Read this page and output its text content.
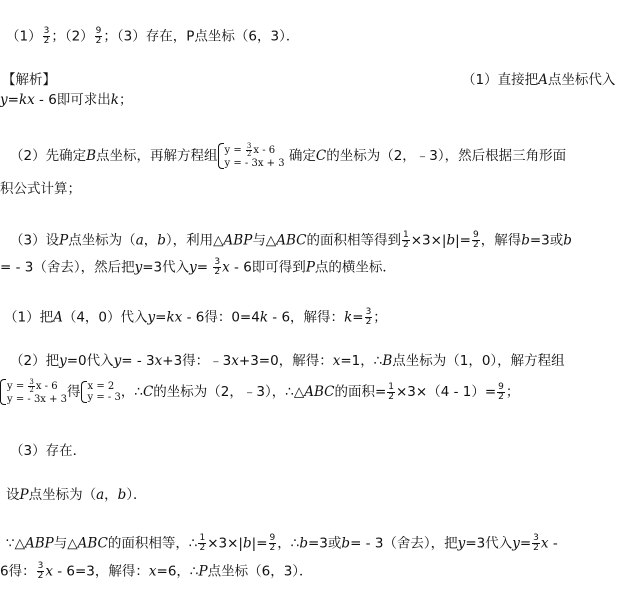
$(1) \frac{3}{2}$ ；$(2) \frac{9}{2}$ ；（3）存在，P点坐标（6，3）．
【解析】	（1）直接把A点坐标代入
y=kx - 6即可求出k；
（2）先确定B点坐标，再解方程组 $y = \frac{3}{2}$ x - 6
y = - 3x + 3 确定C的坐标为（2，﹣3），然后根据三角形面
积公式计算；
（3）设P点坐标为（a，b），利用△ABP与△ABC的面积相等得到 $\frac{1}{2} \times 3\times|b|= \frac{9}{2}$ ，解得b=3或b
= - 3（舍去），然后把y=3代入$y= \frac{3}{2}$ x - 6即可得到P点的横坐标．
（1）把A（4，0）代入y=kx - 6得：0=4k - 6，解得：$k= \frac{3}{2}$ ；
（2）把y=0代入y= - 3x+3得：﹣3x+3=0，解得：x=1，∴B点坐标为（1，0），解方程组
$y = \frac{3}{2}$ x - 6
y = - 3x + 3 得 x = 2
y = - 3 ，∴C的坐标为（2，﹣3），∴△ABC的面积= $\frac{1}{2} \times 3\times(4 - 1)= \frac{9}{2}$ ；
（3）存在．
设P点坐标为（a，b）．
∵△ABP与△ABC的面积相等，∴ $\frac{1}{2} \times 3\times|b|= \frac{9}{2}$ ，∴b=3或b= - 3（舍去），把y=3代入$y= \frac{3}{2}$ x -
6得： $\frac{3}{2}$ x - 6=3，解得：x=6，∴P点坐标（6，3）．
